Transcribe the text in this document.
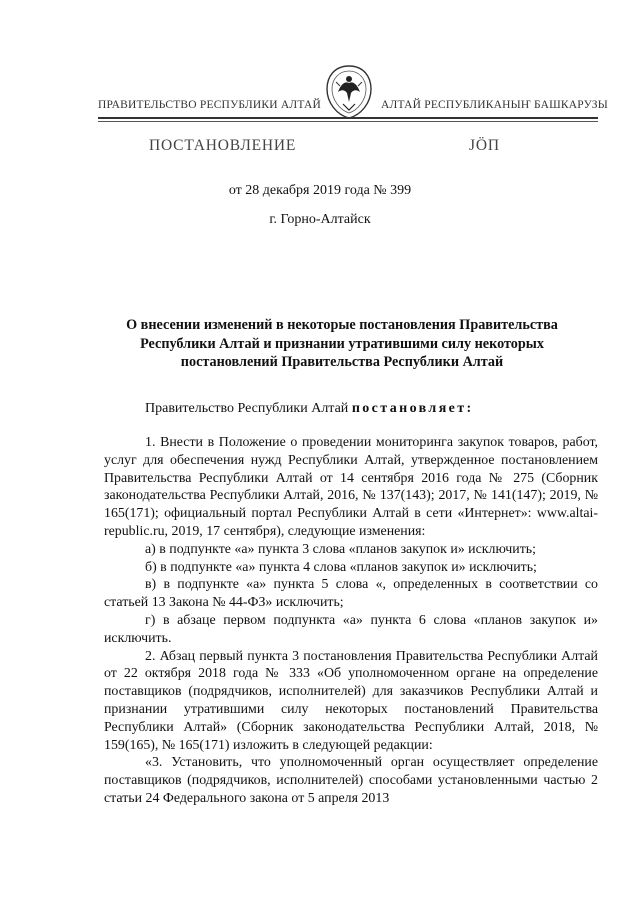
ПРАВИТЕЛЬСТВО РЕСПУБЛИКИ АЛТАЙ	АЛТАЙ РЕСПУБЛИКАНЫҤ БАШКАРУЗЫ
ПОСТАНОВЛЕНИЕ	ЈӦП
от 28 декабря 2019 года № 399
г. Горно-Алтайск
О внесении изменений в некоторые постановления Правительства Республики Алтай и признании утратившими силу некоторых постановлений Правительства Республики Алтай
Правительство Республики Алтай постановляет:

1. Внести в Положение о проведении мониторинга закупок товаров, работ, услуг для обеспечения нужд Республики Алтай, утвержденное постановлением Правительства Республики Алтай от 14 сентября 2016 года № 275 (Сборник законодательства Республики Алтай, 2016, № 137(143); 2017, № 141(147); 2019, № 165(171); официальный портал Республики Алтай в сети «Интернет»: www.altai-republic.ru, 2019, 17 сентября), следующие изменения:

а) в подпункте «а» пункта 3 слова «планов закупок и» исключить;

б) в подпункте «а» пункта 4 слова «планов закупок и» исключить;

в) в подпункте «а» пункта 5 слова «, определенных в соответствии со статьей 13 Закона № 44-ФЗ» исключить;

г) в абзаце первом подпункта «а» пункта 6 слова «планов закупок и» исключить.

2. Абзац первый пункта 3 постановления Правительства Республики Алтай от 22 октября 2018 года № 333 «Об уполномоченном органе на определение поставщиков (подрядчиков, исполнителей) для заказчиков Республики Алтай и признании утратившими силу некоторых постановлений Правительства Республики Алтай» (Сборник законодательства Республики Алтай, 2018, № 159(165), № 165(171) изложить в следующей редакции:

«3. Установить, что уполномоченный орган осуществляет определение поставщиков (подрядчиков, исполнителей) способами установленными частью 2 статьи 24 Федерального закона от 5 апреля 2013
